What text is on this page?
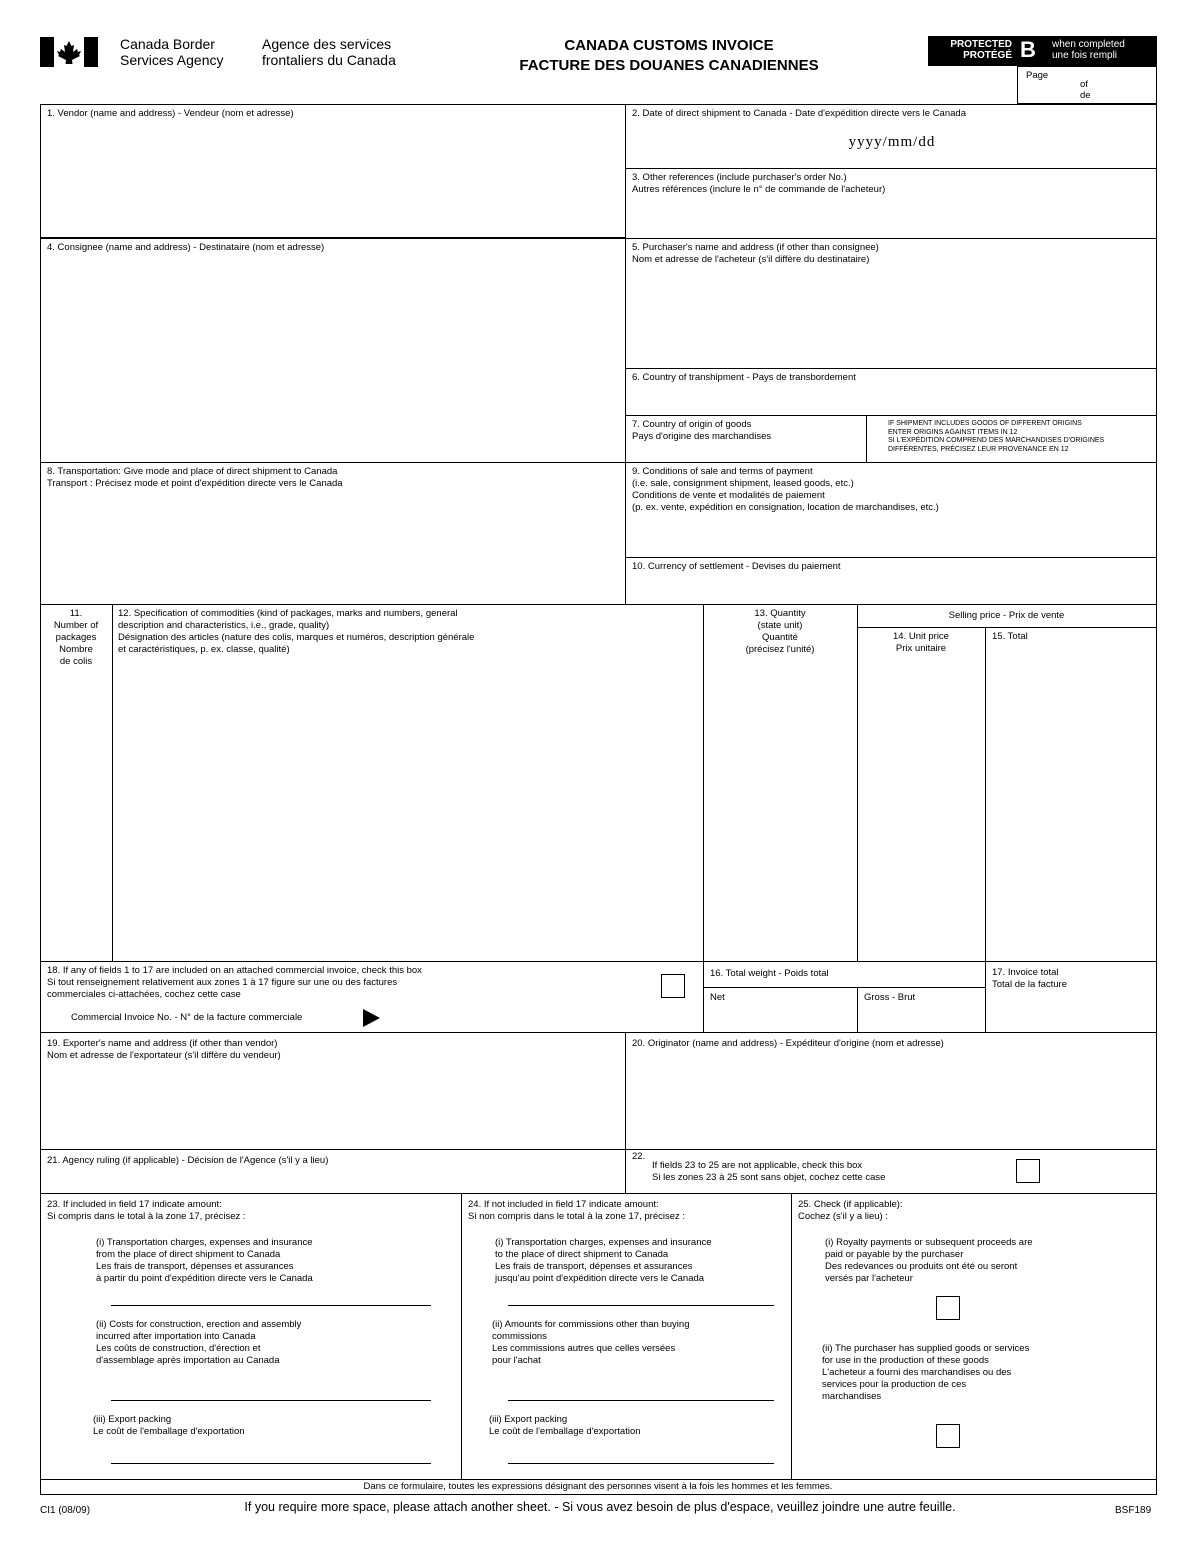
Canada Border
Services Agency
Agence des services
frontaliers du Canada
CANADA CUSTOMS INVOICE
FACTURE DES DOUANES CANADIENNES
PROTECTED
PROTÉGÉ B when completed
une fois rempli
Page
of
de
1. Vendor (name and address) - Vendeur (nom et adresse)	2. Date of direct shipment to Canada - Date d'expédition directe vers le Canada
yyyy/mm/dd
3. Other references (include purchaser's order No.)
Autres références (inclure le n° de commande de l'acheteur)
4. Consignee (name and address) - Destinataire (nom et adresse)	5. Purchaser's name and address (if other than consignee)
Nom et adresse de l'acheteur (s'il diffère du destinataire)
6. Country of transhipment - Pays de transbordement
7. Country of origin of goods
Pays d'origine des marchandises
IF SHIPMENT INCLUDES GOODS OF DIFFERENT ORIGINS
ENTER ORIGINS AGAINST ITEMS IN 12
SI L'EXPÉDITION COMPREND DES MARCHANDISES D'ORIGINES
DIFFÉRENTES, PRÉCISEZ LEUR PROVENANCE EN 12
8. Transportation: Give mode and place of direct shipment to Canada
Transport : Précisez mode et point d'expédition directe vers le Canada
9. Conditions of sale and terms of payment
(i.e. sale, consignment shipment, leased goods, etc.)
Conditions de vente et modalités de paiement
(p. ex. vente, expédition en consignation, location de marchandises, etc.)
10. Currency of settlement - Devises du paiement
11.
Number of
packages
Nombre
de colis
12. Specification of commodities (kind of packages, marks and numbers, general
description and characteristics, i.e., grade, quality)
Désignation des articles (nature des colis, marques et numéros, description générale
et caractéristiques, p. ex. classe, qualité)
13. Quantity
(state unit)
Quantité
(précisez l'unité)
Selling price - Prix de vente
14. Unit price
Prix unitaire
15. Total
18. If any of fields 1 to 17 are included on an attached commercial invoice, check this box
Si tout renseignement relativement aux zones 1 à 17 figure sur une ou des factures
commerciales ci-attachées, cochez cette case
Commercial Invoice No. - N° de la facture commerciale
16. Total weight - Poids total
Net	Gross - Brut
17. Invoice total
Total de la facture
19. Exporter's name and address (if other than vendor)
Nom et adresse de l'exportateur (s'il diffère du vendeur)
20. Originator (name and address) - Expéditeur d'origine (nom et adresse)
21. Agency ruling (if applicable) - Décision de l'Agence (s'il y a lieu)	22.
If fields 23 to 25 are not applicable, check this box
Si les zones 23 à 25 sont sans objet, cochez cette case
23. If included in field 17 indicate amount:
Si compris dans le total à la zone 17, précisez :
(i) Transportation charges, expenses and insurance
from the place of direct shipment to Canada
Les frais de transport, dépenses et assurances
à partir du point d'expédition directe vers le Canada
(ii) Costs for construction, erection and assembly
incurred after importation into Canada
Les coûts de construction, d'érection et
d'assemblage après importation au Canada
(iii) Export packing
Le coût de l'emballage d'exportation
24. If not included in field 17 indicate amount:
Si non compris dans le total à la zone 17, précisez :
(i) Transportation charges, expenses and insurance
to the place of direct shipment to Canada
Les frais de transport, dépenses et assurances
jusqu'au point d'expédition directe vers le Canada
(ii) Amounts for commissions other than buying
commissions
Les commissions autres que celles versées
pour l'achat
(iii) Export packing
Le coût de l'emballage d'exportation
25. Check (if applicable):
Cochez (s'il y a lieu) :
(i) Royalty payments or subsequent proceeds are
paid or payable by the purchaser
Des redevances ou produits ont été ou seront
versés par l'acheteur
(ii) The purchaser has supplied goods or services
for use in the production of these goods
L'acheteur a fourni des marchandises ou des
services pour la production de ces
marchandises
Dans ce formulaire, toutes les expressions désignant des personnes visent à la fois les hommes et les femmes.
CI1 (08/09)	If you require more space, please attach another sheet. - Si vous avez besoin de plus d'espace, veuillez joindre une autre feuille.	BSF189
